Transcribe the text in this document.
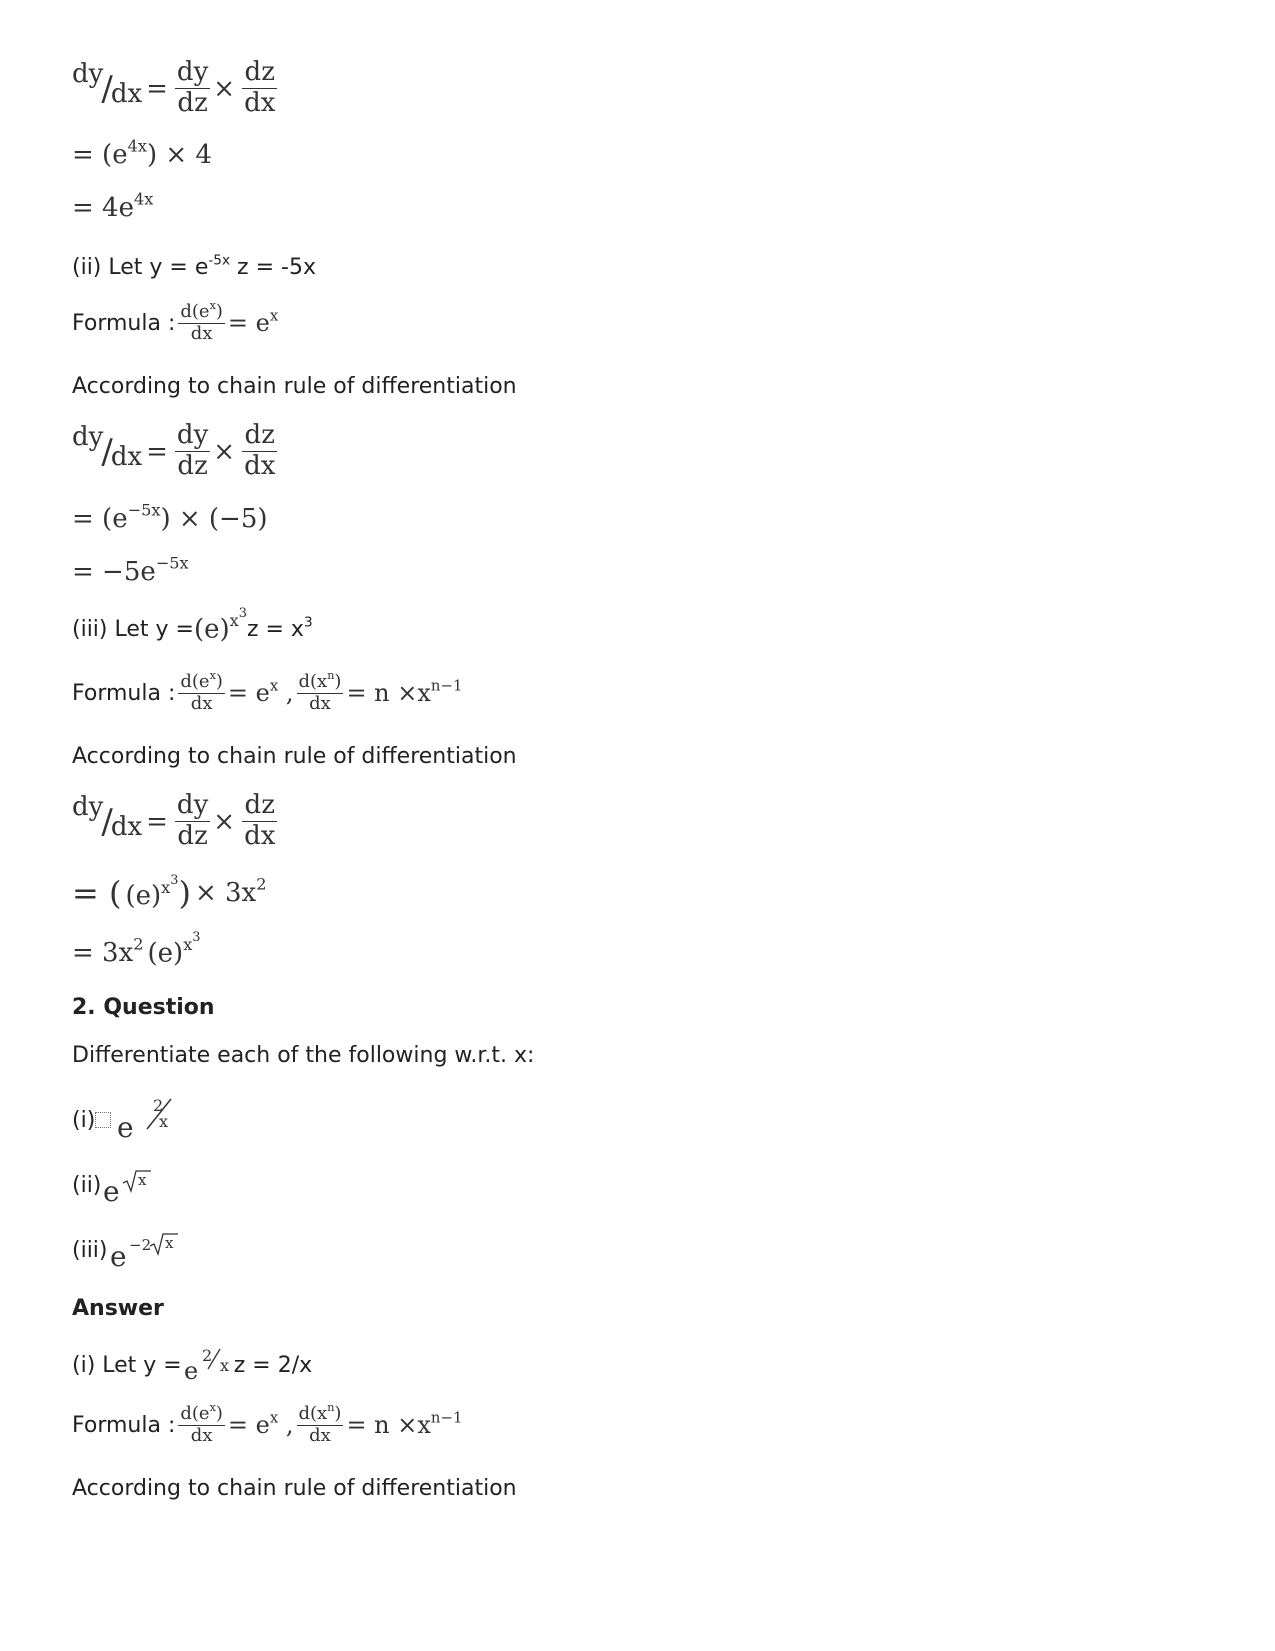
dy
/
dx = $\frac{dy}{dz} \times \frac{dz}{dx}$
= $(e^{4x}) \times 4$
= $4e^{4x}$
(ii) Let $y = e^{-5x}$ z = -5x
Formula : $\frac{d(e^x)}{dx} = e^x$
According to chain rule of differentiation
dy
/
dx = $\frac{dy}{dz} \times \frac{dz}{dx}$
= $(e^{-5x}) \times (-5)$
= $-5e^{-5x}$
(iii) Let $y = (e)^{x^3}$
$z = x^3$
Formula : $\frac{d(e^x)}{dx} = e^x$ , $\frac{d(x^n)}{dx} = n \times x^{n-1}$
According to chain rule of differentiation
dy
/
dx = $\frac{dy}{dz} \times \frac{dz}{dx}$
= ( $(e)^{x^3}) \times 3x^2$
= $3x^2$ $(e)^{x^3}$
2. Question
Differentiate each of the following w.r.t. x:
(i) e
2
x
(ii) e x
(iii) e −2 x
Answer
(i) Let y = e
2
x z = 2/x
Formula : $\frac{d(e^x)}{dx} = e^x$ , $\frac{d(x^n)}{dx} = n \times x^{n-1}$
According to chain rule of differentiation
